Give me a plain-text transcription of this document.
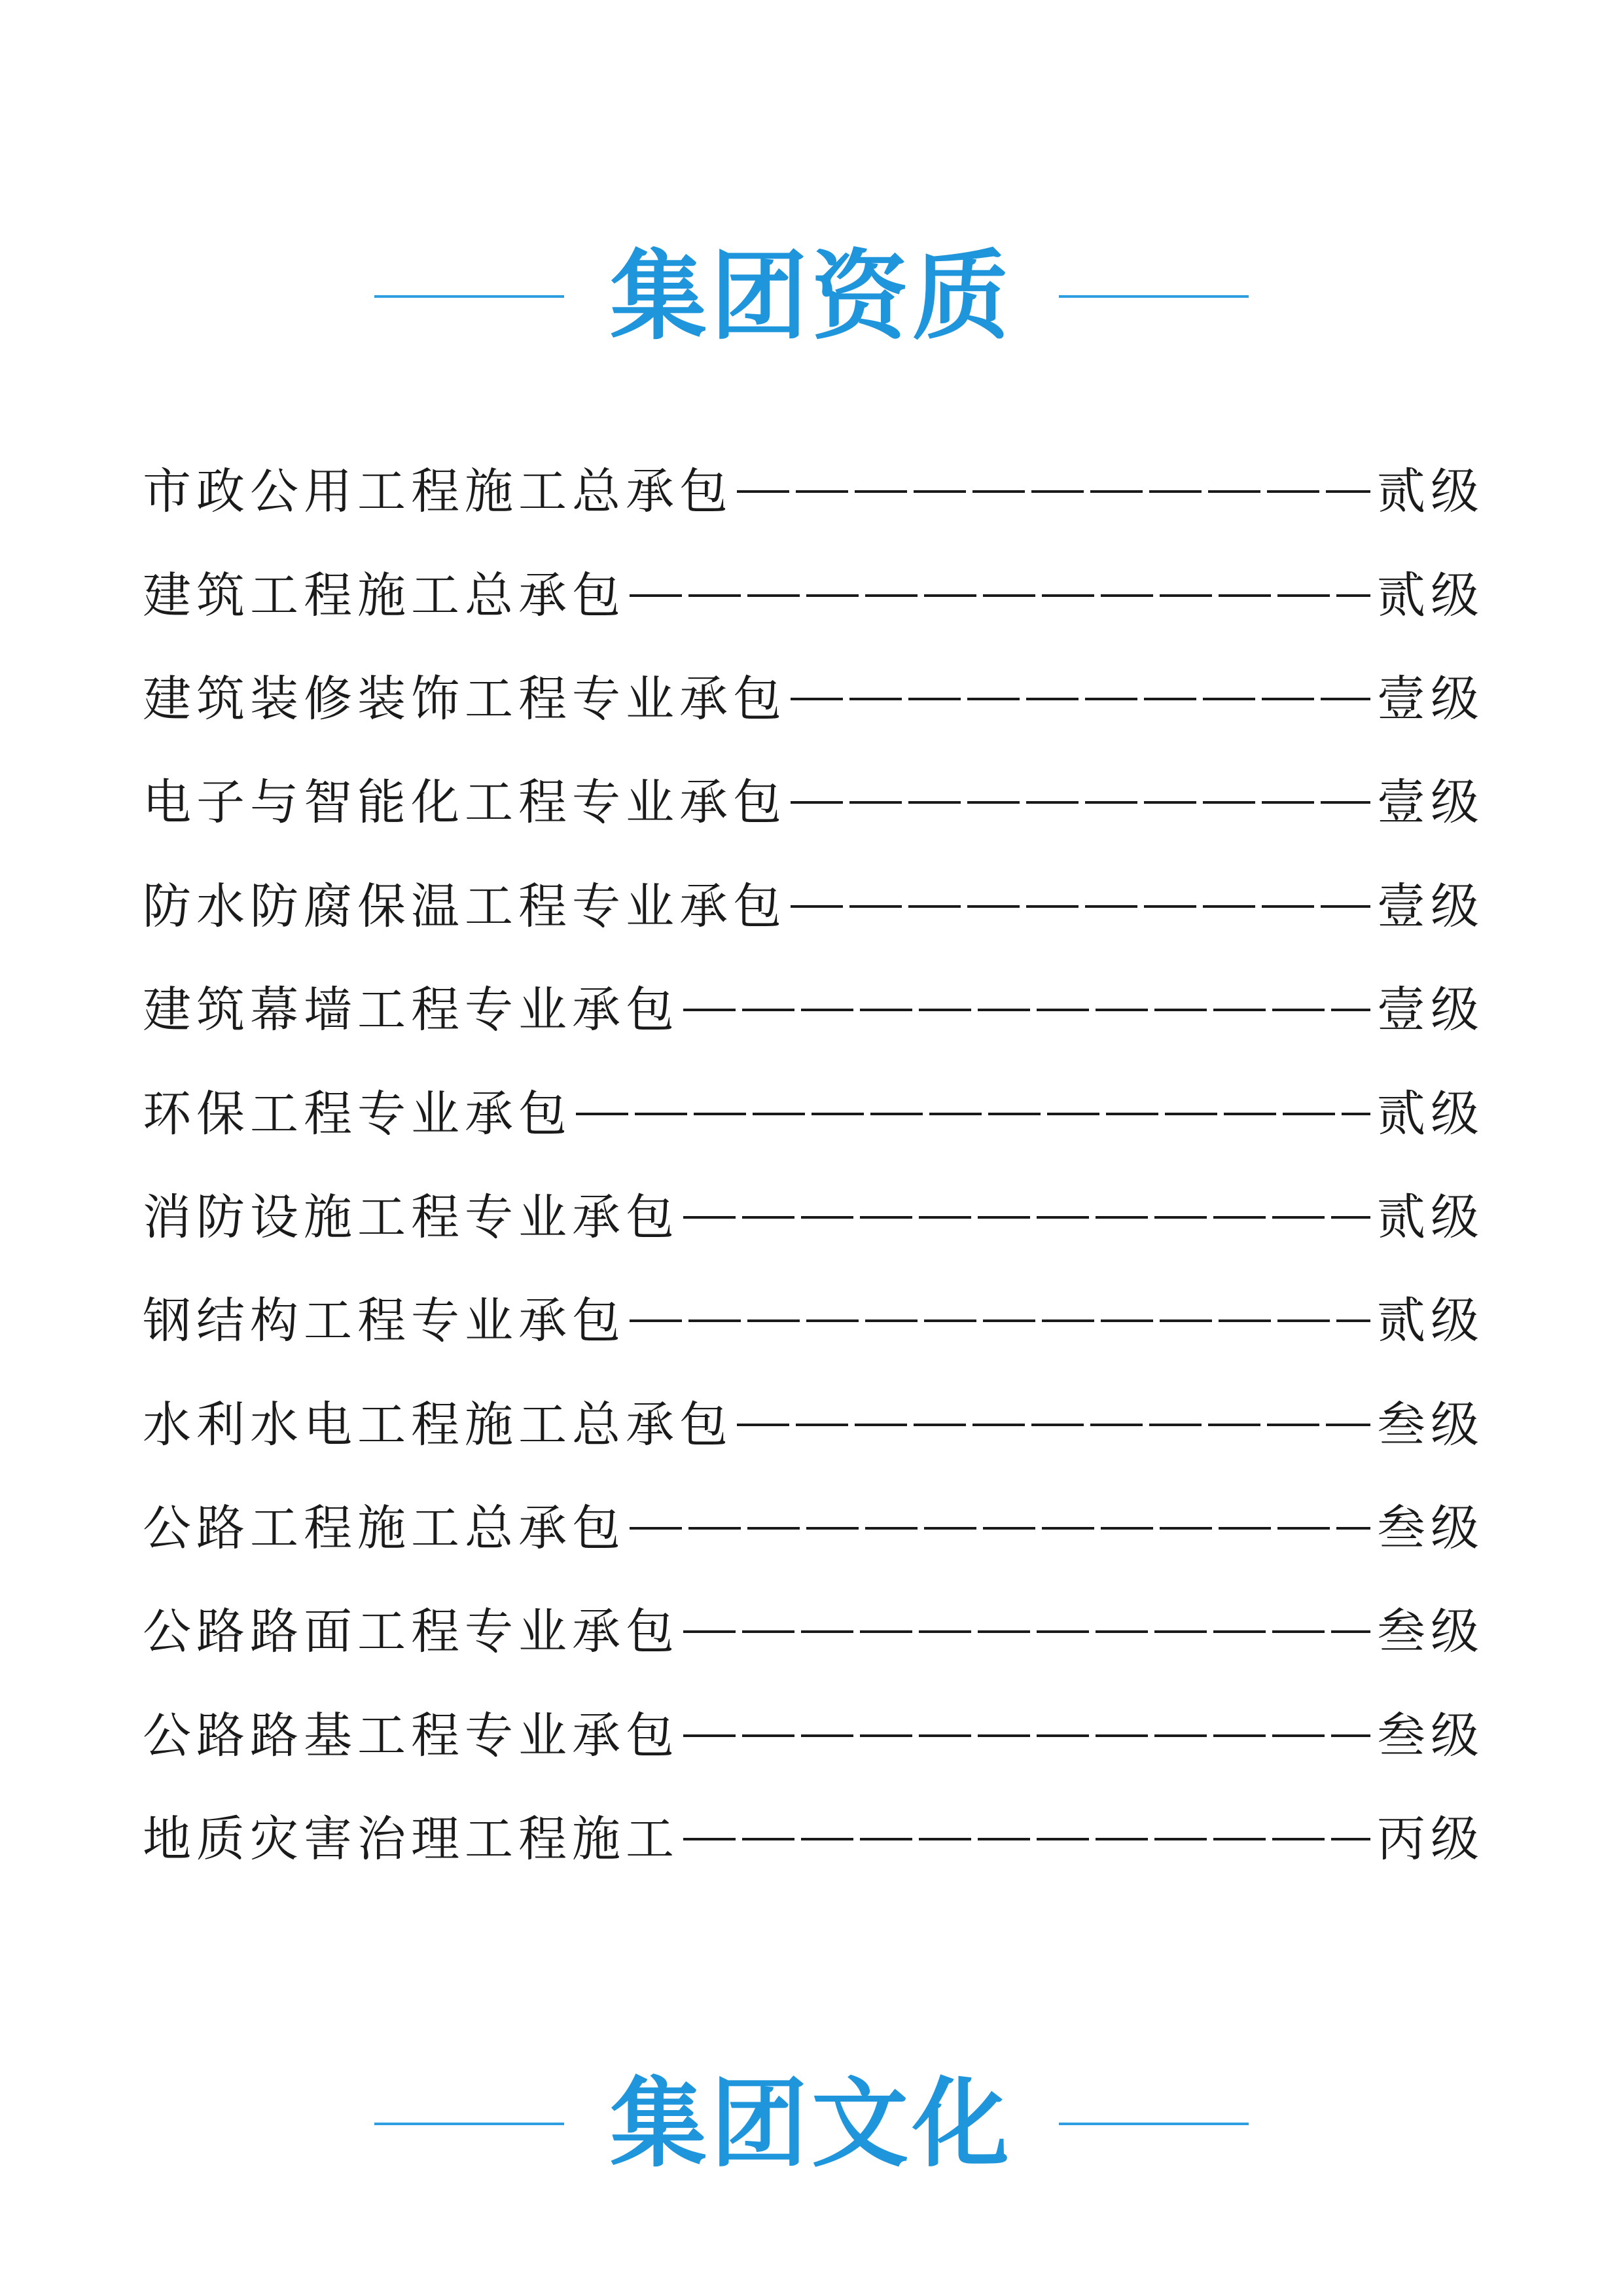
集团资质
市政公用工程施工总承包	贰级
建筑工程施工总承包	贰级
建筑装修装饰工程专业承包	壹级
电子与智能化工程专业承包	壹级
防水防腐保温工程专业承包	壹级
建筑幕墙工程专业承包	壹级
环保工程专业承包	贰级
消防设施工程专业承包	贰级
钢结构工程专业承包	贰级
水利水电工程施工总承包	叁级
公路工程施工总承包	叁级
公路路面工程专业承包	叁级
公路路基工程专业承包	叁级
地质灾害治理工程施工	丙级
集团文化
